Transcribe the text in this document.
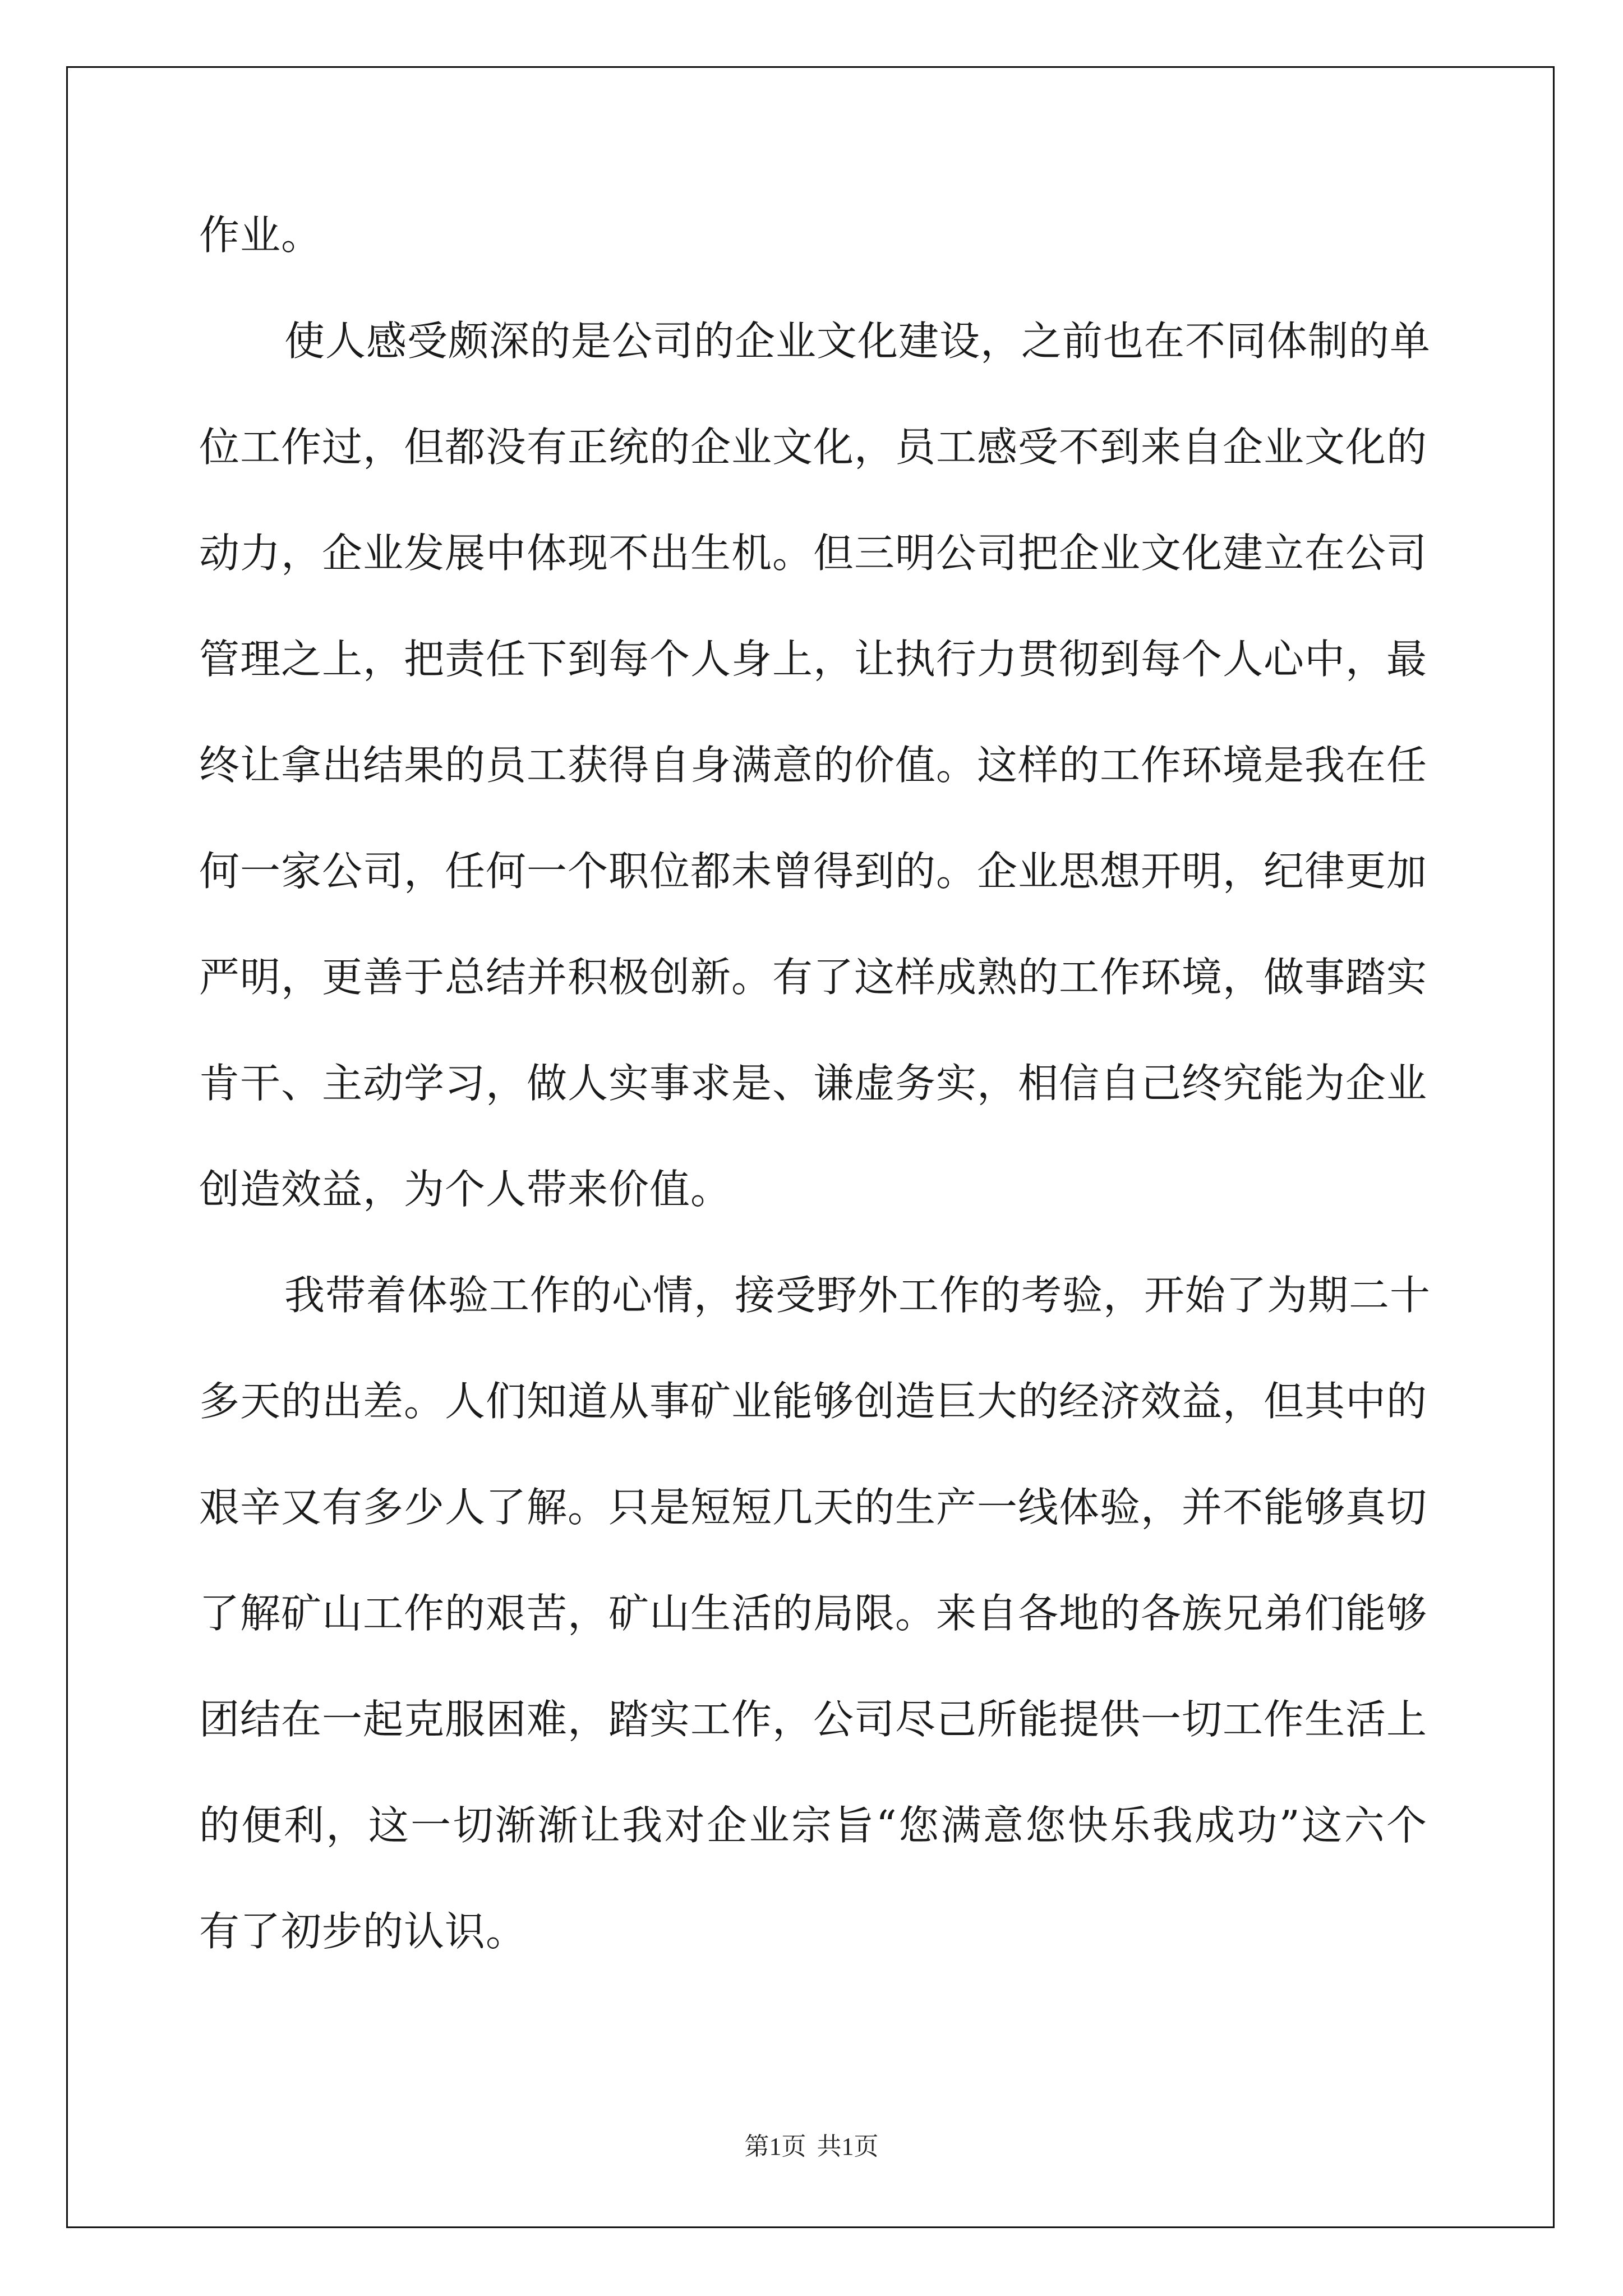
作业。
使人感受颇深的是公司的企业文化建设，之前也在不同体制的单
位工作过，但都没有正统的企业文化，员工感受不到来自企业文化的
动力，企业发展中体现不出生机。但三明公司把企业文化建立在公司
管理之上，把责任下到每个人身上，让执行力贯彻到每个人心中，最
终让拿出结果的员工获得自身满意的价值。这样的工作环境是我在任
何一家公司，任何一个职位都未曾得到的。企业思想开明，纪律更加
严明，更善于总结并积极创新。有了这样成熟的工作环境，做事踏实
肯干、主动学习，做人实事求是、谦虚务实，相信自己终究能为企业
创造效益，为个人带来价值。
我带着体验工作的心情，接受野外工作的考验，开始了为期二十
多天的出差。人们知道从事矿业能够创造巨大的经济效益，但其中的
艰辛又有多少人了解。只是短短几天的生产一线体验，并不能够真切
了解矿山工作的艰苦，矿山生活的局限。来自各地的各族兄弟们能够
团结在一起克服困难，踏实工作，公司尽己所能提供一切工作生活上
的便利，这一切渐渐让我对企业宗旨“您满意您快乐我成功”这六个
有了初步的认识。
第1页 共1页
